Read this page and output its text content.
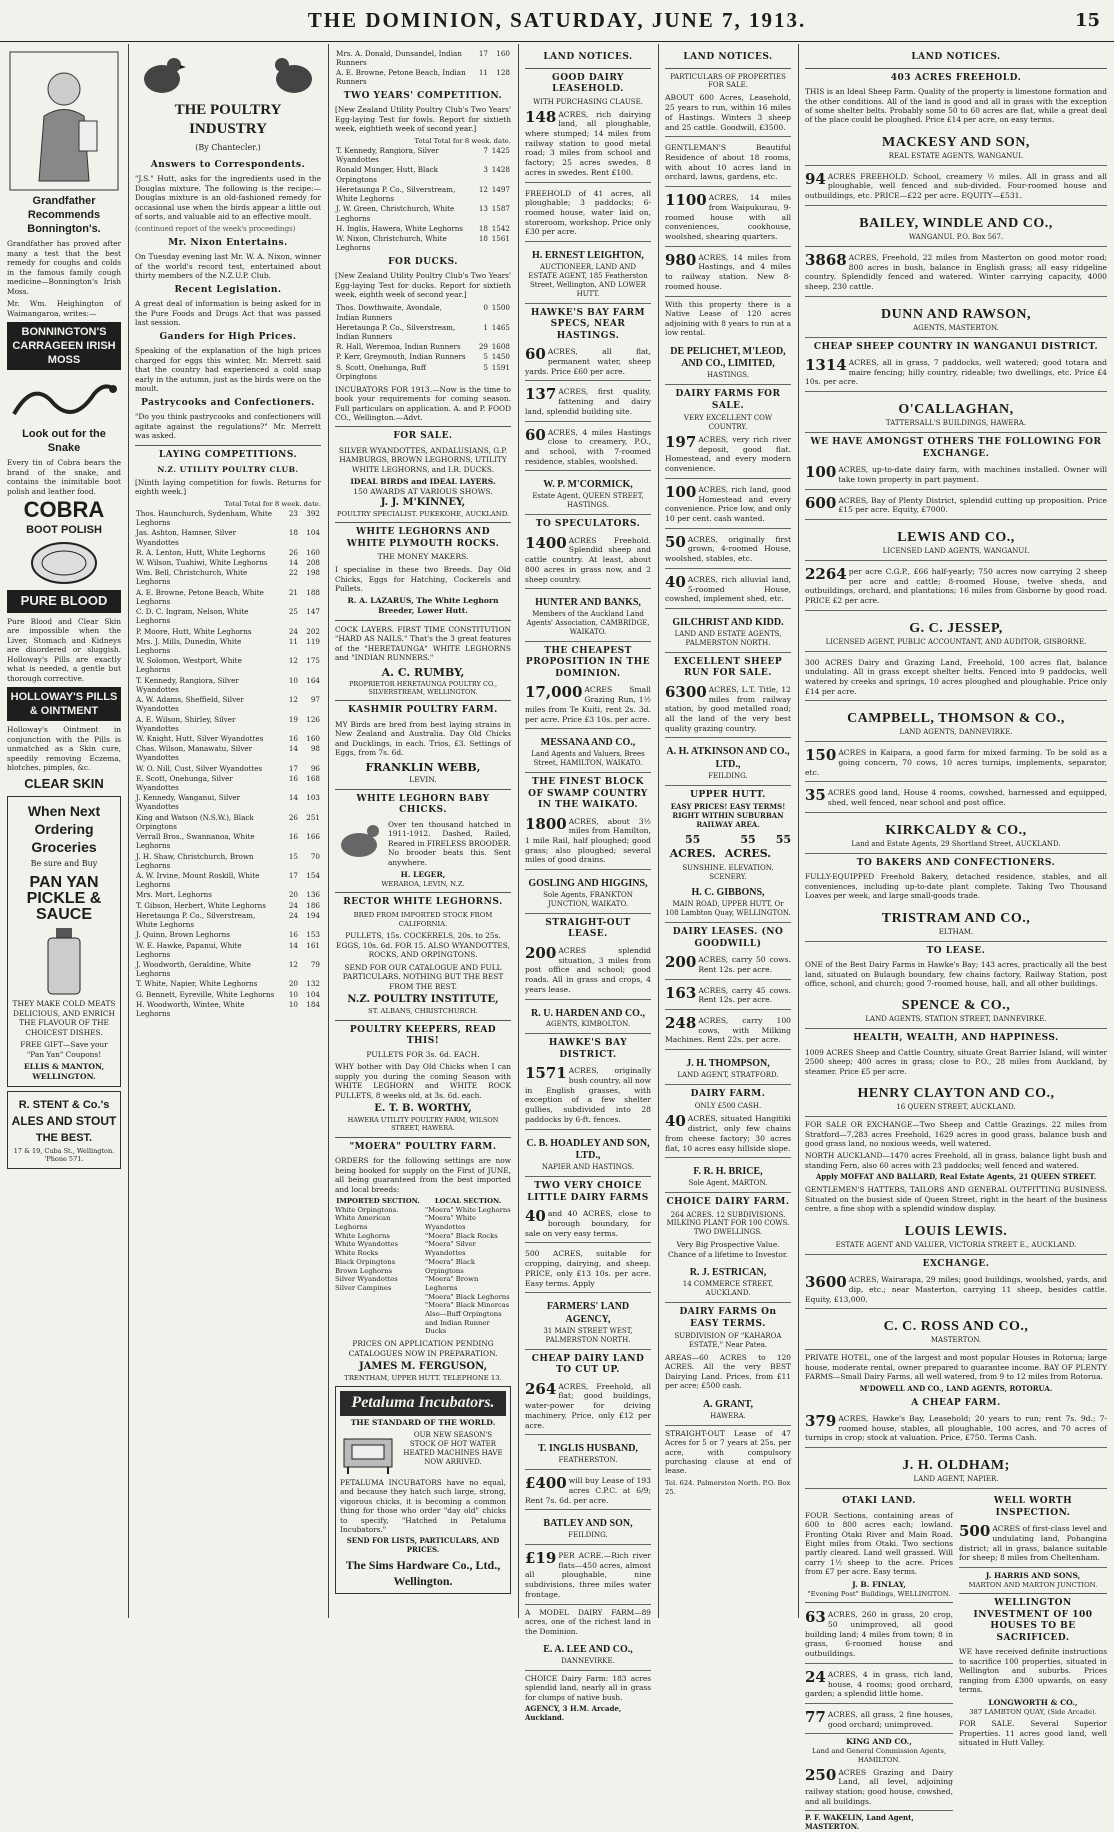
THE DOMINION, SATURDAY, JUNE 7, 1913.	15
Grandfather Recommends Bonnington's.

Grandfather has proved after many a test that the best remedy for coughs and colds in the famous family cough medicine—Bonnington's Irish Moss.

Mr. Wm. Heighington of Waimangaroa, writes:—

BONNINGTON'S CARRAGEEN IRISH MOSS
Look out for the Snake

Every tin of Cobra bears the brand of the snake, and contains the inimitable boot polish and leather food.

COBRA
BOOT POLISH
PURE BLOOD

Pure Blood and Clear Skin are impossible when the Liver, Stomach and Kidneys are disordered or sluggish. Holloway's Pills are exactly what is needed, a gentle but thorough corrective.

HOLLOWAY'S PILLS & OINTMENT

Holloway's Ointment in conjunction with the Pills is unmatched as a Skin cure, speedily removing Eczema, blotches, pimples, &c.

CLEAR SKIN
When Next Ordering Groceries
Be sure and Buy
PAN YAN PICKLE & SAUCE

THEY MAKE COLD MEATS DELICIOUS, AND ENRICH THE FLAVOUR OF THE CHOICEST DISHES.

FREE GIFT—Save your "Pan Yan" Coupons!

ELLIS & MANTON, WELLINGTON.
R. STENT & Co.'s
ALES AND STOUT
THE BEST.
17 & 19, Cuba St., Wellington. 'Phone 571.
THE POULTRY INDUSTRY
(By Chantecler.)
Answers to Correspondents.

"J.S." Hutt, asks for the ingredients used in the Douglas mixture. The following is the recipe:—Douglas mixture is an old-fashioned remedy for occasional use when the birds appear a little out of sorts, and valuable aid to an effective moult.

(continued report of the week's proceedings)

Mr. Nixon Entertains.

On Tuesday evening last Mr. W. A. Nixon, winner of the world's record test, entertained about thirty members of the N.Z.U.P. Club.

Recent Legislation.

A great deal of information is being asked for in the Pure Foods and Drugs Act that was passed last session.

Ganders for High Prices.

Speaking of the explanation of the high prices charged for eggs this winter, Mr. Merrett said that the country had experienced a cold snap early in the autumn, just as the birds were on the moult.

Pastrycooks and Confectioners.

"Do you think pastrycooks and confectioners will agitate against the regulations?" Mr. Merrett was asked.

LAYING COMPETITIONS.
N.Z. UTILITY POULTRY CLUB.

[Ninth laying competition for fowls. Returns for eighth week.]

Total Total for 8 week. date.
Thos. Haunchurch, Sydenham, White Leghorns	23	392
Jas. Ashton, Hamner, Silver Wyandottes	18	104
R. A. Lenton, Hutt, White Leghorns	26	160
W. Wilson, Tuahiwi, White Leghorns	14	208
Wm. Bell, Christchurch, White Leghorns	22	198
A. E. Browne, Petone Beach, White Leghorns	21	188
C. D. C. Ingram, Nelson, White Leghorns	25	147
P. Moore, Hutt, White Leghorns	24	202
Mrs. J. Mills, Dunedin, White Leghorns	11	119
W. Solomon, Westport, White Leghorns	12	175
T. Kennedy, Rangiora, Silver Wyandottes	10	164
A. W. Adams, Sheffield, Silver Wyandottes	12	97
A. E. Wilson, Shirley, Silver Wyandottes	19	126
W. Knight, Hutt, Silver Wyandottes	16	160
Chas. Wilson, Manawatu, Silver Wyandottes	14	98
W. O. Nill, Cust, Silver Wyandottes	17	96
E. Scott, Onehunga, Silver Wyandottes	16	168
J. Kennedy, Wanganui, Silver Wyandottes	14	103
King and Watson (N.S.W.), Black Orpingtons	26	251
Verrall Bros., Swannanoa, White Leghorns	16	166
J. H. Shaw, Christchurch, Brown Leghorns	15	70
A. W. Irvine, Mount Roskill, White Leghorns	17	154
Mrs. Mort, Leghorns	20	136
T. Gibson, Herbert, White Leghorns	24	186
Heretaunga P. Co., Silverstream, White Leghorns	24	194
J. Quinn, Brown Leghorns	16	153
W. E. Hawke, Papanui, White Leghorns	14	161
J. Woodworth, Geraldine, White Leghorns	12	79
T. White, Napier, White Leghorns	20	132
G. Bennett, Eyreville, White Leghorns	10	104
H. Woodworth, Wintee, White Leghorns	10	184
Mrs. A. Donald, Dunsandel, Indian Runners	17	160
A. E. Browne, Petone Beach, Indian Runners	11	128
TWO YEARS' COMPETITION.

[New Zealand Utility Poultry Club's Two Years' Egg-laying Test for fowls. Report for sixtieth week, eightieth week of second year.]

Total Total for 8 week. date.
T. Kennedy, Rangiora, Silver Wyandottes	7	1425
Ronald Munger, Hutt, Black Orpingtons	3	1428
Heretaunga P. Co., Silverstream, White Leghorns	12	1497
J. W. Green, Christchurch, White Leghorns	13	1587
H. Inglis, Hawera, White Leghorns	18	1542
W. Nixon, Christchurch, White Leghorns	18	1561
FOR DUCKS.

[New Zealand Utility Poultry Club's Two Years' Egg-laying Test for ducks. Report for sixtieth week, eighth week of second year.]

Thos. Dowthwaite, Avondale, Indian Runners	0	1500
Heretaunga P. Co., Silverstream, Indian Runners	1	1465
R. Hall, Weremoa, Indian Runners	29	1608
P. Kerr, Greymouth, Indian Runners	5	1450
S. Scott, Onehunga, Buff Orpingtons	5	1591

INCUBATORS FOR 1913.—Now is the time to book your requirements for coming season. Full particulars on application. A. and P. FOOD CO., Wellington.—Advt.

FOR SALE.

SILVER WYANDOTTES, ANDALUSIANS, G.P. HAMBURGS, BROWN LEGHORNS, UTILITY WHITE LEGHORNS, and I.R. DUCKS.

IDEAL BIRDS and IDEAL LAYERS.
150 AWARDS AT VARIOUS SHOWS.
J. J. M'KINNEY,
POULTRY SPECIALIST. PUKEKOHE, AUCKLAND.
WHITE LEGHORNS AND WHITE PLYMOUTH ROCKS.
THE MONEY MAKERS.

I specialise in these two Breeds. Day Old Chicks, Eggs for Hatching, Cockerels and Pullets.

R. A. LAZARUS, The White Leghorn Breeder, Lower Hutt.

COCK LAYERS. FIRST TIME CONSTITUTION "HARD AS NAILS." That's the 3 great features of the "HERETAUNGA" WHITE LEGHORNS and "INDIAN RUNNERS."

A. C. RUMBY,
PROPRIETOR HERETAUNGA POULTRY CO., SILVERSTREAM, WELLINGTON.
KASHMIR POULTRY FARM.

MY Birds are bred from best laying strains in New Zealand and Australia. Day Old Chicks and Ducklings, in each. Trios, £3. Settings of Eggs, from 7s. 6d.

FRANKLIN WEBB,
LEVIN.
WHITE LEGHORN BABY CHICKS.

Over ten thousand hatched in 1911-1912. Dashed, Railed, Reared in FIRELESS BROODER. No brooder beats this. Sent anywhere.

H. LEGER,
WERAROA, LEVIN, N.Z.
RECTOR WHITE LEGHORNS.
BRED FROM IMPORTED STOCK FROM CALIFORNIA.

PULLETS, 15s. COCKERELS, 20s. to 25s. EGGS, 10s. 6d. FOR 15. ALSO WYANDOTTES, ROCKS, AND ORPINGTONS.

SEND FOR OUR CATALOGUE AND FULL PARTICULARS. NOTHING BUT THE BEST FROM THE BEST.

N.Z. POULTRY INSTITUTE,
ST. ALBANS, CHRISTCHURCH.
POULTRY KEEPERS, READ THIS!
PULLETS FOR 3s. 6d. EACH.

WHY bother with Day Old Chicks when I can supply you during the coming Season with WHITE LEGHORN and WHITE ROCK PULLETS, 8 weeks old, at 3s. 6d. each.

E. T. B. WORTHY,
HAWERA UTILITY POULTRY FARM, WILSON STREET, HAWERA.
"MOERA" POULTRY FARM.

ORDERS for the following settings are now being booked for supply on the First of JUNE, all being guaranteed from the best imported and local breeds:

IMPORTED SECTION.
White Orpingtons.
White American Leghorns
White Leghorns
White Wyandottes
White Rocks
Black Orpingtons
Brown Leghorns
Silver Wyandottes
Silver Campines
LOCAL SECTION.
"Moera" White Leghorns
"Moera" White Wyandottes
"Moera" Black Rocks
"Moera" Silver Wyandottes
"Moera" Black Orpingtons
"Moera" Brown Leghorns
"Moera" Black Leghorns
"Moera" Black Minorcas
Also—Buff Orpingtons and Indian Runner Ducks

PRICES ON APPLICATION PENDING CATALOGUES NOW IN PREPARATION.

JAMES M. FERGUSON,
TRENTHAM, UPPER HUTT. TELEPHONE 13.
Petaluma Incubators.
THE STANDARD OF THE WORLD.
OUR NEW SEASON'S STOCK OF HOT WATER HEATED MACHINES HAVE NOW ARRIVED.

PETALUMA INCUBATORS have no equal, and because they hatch such large, strong, vigorous chicks, it is becoming a common thing for those who order "day old" chicks to specify, "Hatched in Petaluma Incubators."

SEND FOR LISTS, PARTICULARS, AND PRICES.
The Sims Hardware Co., Ltd., Wellington.
LAND NOTICES.
GOOD DAIRY LEASEHOLD.
WITH PURCHASING CLAUSE.
148 ACRES, rich dairying land, all ploughable, where stumped; 14 miles from railway station to good metal road; 3 miles from school and factory; 25 acres swedes, 8 acres in swedes. Rent £100.
FREEHOLD of 41 acres, all ploughable; 3 paddocks; 6-roomed house, water laid on, storeroom, workshop. Price only £30 per acre.
H. ERNEST LEIGHTON,
AUCTIONEER, LAND AND ESTATE AGENT, 185 Featherston Street, Wellington, AND LOWER HUTT.
HAWKE'S BAY FARM SPECS, NEAR HASTINGS.
60 ACRES, all flat, permanent water, sheep yards. Price £60 per acre.
137 ACRES, first quality, fattening and dairy land, splendid building site.
60 ACRES, 4 miles Hastings close to creamery, P.O., and school, with 7-roomed residence, stables, woolshed.
W. P. M'CORMICK,
Estate Agent, QUEEN STREET, HASTINGS.
TO SPECULATORS.
1400 ACRES Freehold. Splendid sheep and cattle country. At least, about 800 acres in grass now, and 2 sheep country.
HUNTER AND BANKS,
Members of the Auckland Land Agents' Association, CAMBRIDGE, WAIKATO.
THE CHEAPEST PROPOSITION IN THE DOMINION.
17,000 ACRES Small Grazing Run, 1½ miles from Te Kuiti, rent 2s. 3d. per acre. Price £3 10s. per acre.
MESSANA AND CO.,
Land Agents and Valuers, Brees Street, HAMILTON, WAIKATO.
THE FINEST BLOCK OF SWAMP COUNTRY IN THE WAIKATO.
1800 ACRES, about 3½ miles from Hamilton, 1 mile Rail, half ploughed; good grass; also ploughed; several miles of good drains.
GOSLING AND HIGGINS,
Sole Agents, FRANKTON JUNCTION, WAIKATO.
STRAIGHT-OUT LEASE.
200 ACRES splendid situation, 3 miles from post office and school; good roads. All in grass and crops, 4 years lease.
R. U. HARDEN AND CO.,
AGENTS, KIMBOLTON.
HAWKE'S BAY DISTRICT.
1571 ACRES, originally bush country, all now in English grasses, with exception of a few shelter gullies, subdivided into 28 paddocks by 6-ft. fences.
C. B. HOADLEY AND SON, LTD.,
NAPIER AND HASTINGS.
TWO VERY CHOICE LITTLE DAIRY FARMS
40 and 40 ACRES, close to borough boundary, for sale on very easy terms.
500 ACRES, suitable for cropping, dairying, and sheep. PRICE, only £13 10s. per acre. Easy terms. Apply
FARMERS' LAND AGENCY,
31 MAIN STREET WEST, PALMERSTON NORTH.
CHEAP DAIRY LAND TO CUT UP.
264 ACRES, Freehold, all flat; good buildings, water-power for driving machinery. Price, only £12 per acre.
T. INGLIS HUSBAND,
FEATHERSTON.
£400 will buy Lease of 193 acres C.P.C. at 6/9; Rent 7s. 6d. per acre.
BATLEY AND SON,
FEILDING.
£19 PER ACRE.—Rich river flats—450 acres, almost all ploughable, nine subdivisions, three miles water frontage.

A MODEL DAIRY FARM—89 acres, one of the richest land in the Dominion.

E. A. LEE AND CO.,
DANNEVIRKE.

CHOICE Dairy Farm: 183 acres splendid land, nearly all in grass for clumps of native bush.

AGENCY, 3 H.M. Arcade, Auckland.
LAND NOTICES.
PARTICULARS OF PROPERTIES FOR SALE.
ABOUT 600 Acres, Leasehold, 25 years to run, within 16 miles of Hastings. Winters 3 sheep and 25 cattle. Goodwill, £3500.
GENTLEMAN'S Beautiful Residence of about 18 rooms, with about 10 acres land in orchard, lawns, gardens, etc.
1100 ACRES, 14 miles from Waipukurau, 9-roomed house with all conveniences, cookhouse, woolshed, shearing quarters.
980 ACRES, 14 miles from Hastings, and 4 miles to railway station. New 8-roomed house.

With this property there is a Native Lease of 120 acres adjoining with 8 years to run at a low rental.

DE PELICHET, M'LEOD, AND CO., LIMITED,
HASTINGS.
DAIRY FARMS FOR SALE.
VERY EXCELLENT COW COUNTRY.
197 ACRES, very rich river deposit, good flat. Homestead, and every modern convenience.
100 ACRES, rich land, good Homestead and every convenience. Price low, and only 10 per cent. cash wanted.
50 ACRES, originally first grown, 4-roomed House, woolshed, stables, etc.
40 ACRES, rich alluvial land, 5-roomed House, cowshed, implement shed, etc.
GILCHRIST AND KIDD.
LAND AND ESTATE AGENTS, PALMERSTON NORTH.
EXCELLENT SHEEP RUN FOR SALE.
6300 ACRES, L.T. Title, 12 miles from railway station, by good metalled road; all the land of the very best quality grazing country.
A. H. ATKINSON AND CO., LTD.,
FEILDING.
UPPER HUTT.
EASY PRICES! EASY TERMS! RIGHT WITHIN SUBURBAN RAILWAY AREA.
55 ACRES.
55 ACRES.
55
SUNSHINE. ELEVATION. SCENERY.
H. C. GIBBONS,
MAIN ROAD, UPPER HUTT, Or 108 Lambton Quay, WELLINGTON.
DAIRY LEASES. (NO GOODWILL)
200 ACRES, carry 50 cows. Rent 12s. per acre.
163 ACRES, carry 45 cows. Rent 12s. per acre.
248 ACRES, carry 100 cows, with Milking Machines. Rent 22s. per acre.
J. H. THOMPSON,
LAND AGENT, STRATFORD.
DAIRY FARM.
ONLY £500 CASH.
40 ACRES, situated Hangitiki district, only few chains from cheese factory; 30 acres flat, 10 acres easy hillside slope.
F. R. H. BRICE,
Sole Agent, MARTON.
CHOICE DAIRY FARM.
264 ACRES. 12 SUBDIVISIONS.
MILKING PLANT FOR 100 COWS. TWO DWELLINGS.

Very Big Prospective Value. Chance of a lifetime to Investor.

R. J. ESTRICAN,
14 COMMERCE STREET, AUCKLAND.
DAIRY FARMS On EASY TERMS.
SUBDIVISION OF "KAHAROA ESTATE," Near Patea.

AREAS—60 ACRES to 120 ACRES. All the very BEST Dairying Land. Prices, from £11 per acre; £500 cash.

A. GRANT,
HAWERA.

STRAIGHT-OUT Lease of 47 Acres for 5 or 7 years at 25s. per acre, with compulsory purchasing clause at end of lease.

Tel. 624. Palmerston North. P.O. Box 25.
LAND NOTICES.
403 ACRES FREEHOLD.

THIS is an Ideal Sheep Farm. Quality of the property is limestone formation and the other conditions. All of the land is good and all in grass with the exception of some shelter belts. Probably some 50 to 60 acres are flat, while a great deal of the place could be ploughed. Price £14 per acre, on easy terms.

MACKESY AND SON,
REAL ESTATE AGENTS, WANGANUI.
94 ACRES FREEHOLD. School, creamery ½ miles. All in grass and all ploughable, well fenced and sub-divided. Four-roomed house and outbuildings, etc. PRICE—£22 per acre. EQUITY—£531.
BAILEY, WINDLE AND CO.,
WANGANUI. P.O. Box 567.
3868 ACRES, Freehold, 22 miles from Masterton on good motor road; 800 acres in bush, balance in English grass; all easy ridgeline country. Splendidly fenced and watered. Winter carrying capacity, 4000 sheep, 230 cattle.
DUNN AND RAWSON,
AGENTS, MASTERTON.
CHEAP SHEEP COUNTRY IN WANGANUI DISTRICT.
1314 ACRES, all in grass, 7 paddocks, well watered; good totara and maire fencing; hilly country, rideable; two dwellings, etc. Price £4 10s. per acre.
O'CALLAGHAN,
TATTERSALL'S BUILDINGS, HAWERA.
WE HAVE AMONGST OTHERS THE FOLLOWING FOR EXCHANGE.
100 ACRES, up-to-date dairy farm, with machines installed. Owner will take town property in part payment.
600 ACRES, Bay of Plenty District, splendid cutting up proposition. Price £15 per acre. Equity, £7000.
LEWIS AND CO.,
LICENSED LAND AGENTS, WANGANUI.
2264 per acre C.G.P., £66 half-yearly; 750 acres now carrying 2 sheep per acre and cattle; 8-roomed House, twelve sheds, and outbuildings, orchard, and plantations; 16 miles from Gisborne by good road. PRICE £2 per acre.
G. C. JESSEP,
LICENSED AGENT, PUBLIC ACCOUNTANT, AND AUDITOR, GISBORNE.
300 ACRES Dairy and Grazing Land, Freehold, 100 acres flat, balance undulating. All in grass except shelter belts. Fenced into 9 paddocks, well watered by creeks and springs, 10 acres ploughed and ploughable. Price only £14 per acre.
CAMPBELL, THOMSON & CO.,
LAND AGENTS, DANNEVIRKE.
150 ACRES in Kaipara, a good farm for mixed farming. To be sold as a going concern, 70 cows, 10 acres turnips, implements, separator, etc.
35 ACRES good land, House 4 rooms, cowshed, harnessed and equipped, shed, well fenced, near school and post office.
KIRKCALDY & CO.,
Land and Estate Agents, 29 Shortland Street, AUCKLAND.
TO BAKERS AND CONFECTIONERS.

FULLY-EQUIPPED Freehold Bakery, detached residence, stables, and all conveniences, including up-to-date plant complete. Taking Two Thousand Loaves per week, and large small-goods trade.

TRISTRAM AND CO.,
ELTHAM.
TO LEASE.

ONE of the Best Dairy Farms in Hawke's Bay; 143 acres, practically all the best land, situated on Bulaugh boundary, few chains factory, Railway Station, post office, school, and church; good 7-roomed house, hall, and all other buildings.

SPENCE & CO.,
LAND AGENTS, STATION STREET, DANNEVIRKE.
HEALTH, WEALTH, AND HAPPINESS.

1009 ACRES Sheep and Cattle Country, situate Great Barrier Island, will winter 2500 sheep; 400 acres in grass; close to P.O., 28 miles from Auckland, by steamer. Price £5 per acre.

HENRY CLAYTON AND CO.,
16 QUEEN STREET, AUCKLAND.

FOR SALE OR EXCHANGE—Two Sheep and Cattle Grazings. 22 miles from Stratford—7,283 acres Freehold, 1629 acres in good grass, balance bush and good grass land, no noxious weeds, well watered.

NORTH AUCKLAND—1470 acres Freehold, all in grass, balance light bush and standing Fern, also 60 acres with 23 paddocks; well fenced and watered.

Apply MOFFAT AND BALLARD, Real Estate Agents, 21 QUEEN STREET.

GENTLEMEN'S HATTERS, TAILORS AND GENERAL OUTFITTING BUSINESS. Situated on the busiest side of Queen Street, right in the heart of the business centre, a fine shop with a splendid window display.

LOUIS LEWIS.
ESTATE AGENT AND VALUER, VICTORIA STREET E., AUCKLAND.
EXCHANGE.
3600 ACRES, Wairarapa, 29 miles; good buildings, woolshed, yards, and dip, etc.; near Masterton, carrying 11 sheep, besides cattle. Equity, £13,000.
C. C. ROSS AND CO.,
MASTERTON.

PRIVATE HOTEL, one of the largest and most popular Houses in Rotorua; large house, moderate rental, owner prepared to guarantee income. BAY OF PLENTY FARMS—Small Dairy Farms, all well watered, from 9 to 12 miles from Rotorua.

M'DOWELL AND CO., LAND AGENTS, ROTORUA.
A CHEAP FARM.
379 ACRES, Hawke's Bay, Leasehold; 20 years to run; rent 7s. 9d.; 7-roomed house, stables, all ploughable, 100 acres, and 70 acres of turnips in crop; stock at valuation. Price, £750. Terms Cash.
J. H. OLDHAM;
LAND AGENT, NAPIER.
OTAKI LAND.

FOUR Sections, containing areas of 600 to 800 acres each; lowland. Fronting Otaki River and Main Road. Eight miles from Otaki. Two sections partly cleared. Land well grassed. Will carry 1½ sheep to the acre. Prices from £7 per acre. Easy terms.

J. B. FINLAY,
"Evening Post" Buildings, WELLINGTON.
63 ACRES, 260 in grass, 20 crop, 50 unimproved, all good building land; 4 miles from town; 8 in grass, 6-roomed house and outbuildings.
24 ACRES, 4 in grass, rich land, house, 4 rooms; good orchard, garden; a splendid little home.
77 ACRES, all grass, 2 fine houses, good orchard; unimproved.
KING AND CO.,
Land and General Commission Agents, HAMILTON.
250 ACRES Grazing and Dairy Land, all level, adjoining railway station; good house, cowshed, and all buildings.
P. F. WAKELIN, Land Agent, MASTERTON.
WELL WORTH INSPECTION.
500 ACRES of first-class level and undulating land, Pohangina district; all in grass, balance suitable for sheep; 8 miles from Cheltenham.
J. HARRIS AND SONS,
MARTON AND MARTON JUNCTION.
WELLINGTON INVESTMENT OF 100 HOUSES TO BE SACRIFICED.

WE have received definite instructions to sacrifice 100 properties, situated in Wellington and suburbs. Prices ranging from £300 upwards, on easy terms.

LONGWORTH & CO.,
387 LAMBTON QUAY, (Side Arcade).

FOR SALE. Several Superior Properties. 11 acres good land, well situated in Hutt Valley.
